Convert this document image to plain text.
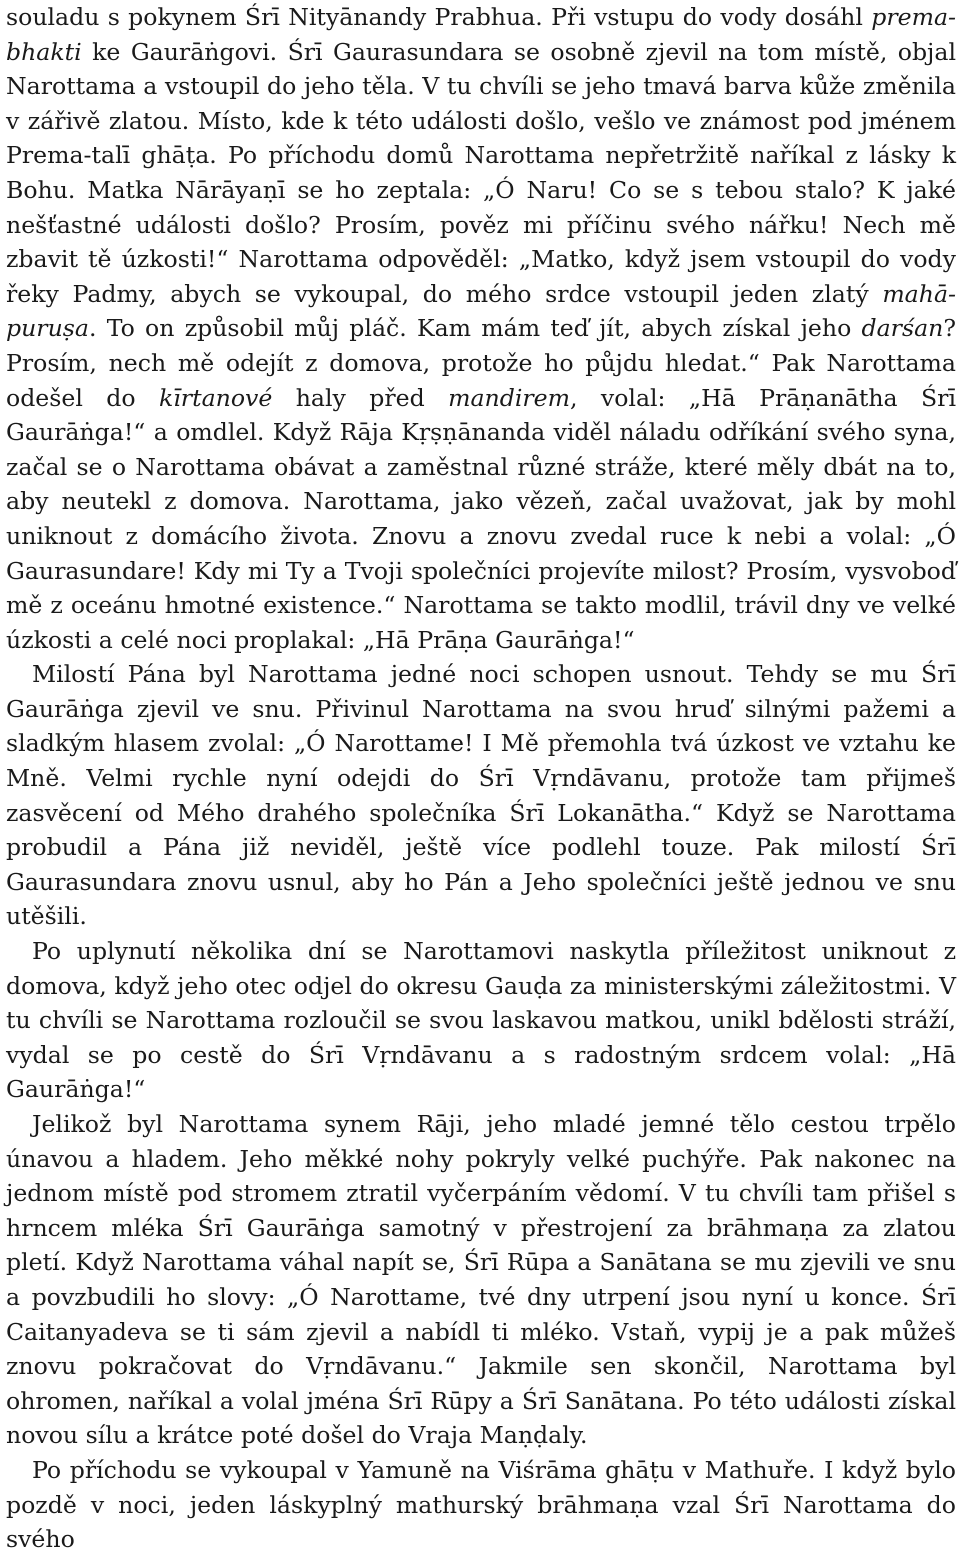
souladu s pokynem Śrī Nityānandy Prabhua. Při vstupu do vody dosáhl prema-bhakti ke Gaurāṅgovi. Śrī Gaurasundara se osobně zjevil na tom místě, objal Narottama a vstoupil do jeho těla. V tu chvíli se jeho tmavá barva kůže změnila v zářivě zlatou. Místo, kde k této události došlo, vešlo ve známost pod jménem Prema-talī ghāṭa. Po příchodu domů Narottama nepřetržitě naříkal z lásky k Bohu. Matka Nārāyaṇī se ho zeptala: „Ó Naru! Co se s tebou stalo? K jaké nešťastné události došlo? Prosím, pověz mi příčinu svého nářku! Nech mě zbavit tě úzkosti!“ Narottama odpověděl: „Matko, když jsem vstoupil do vody řeky Padmy, abych se vykoupal, do mého srdce vstoupil jeden zlatý mahā-puruṣa. To on způsobil můj pláč. Kam mám teď jít, abych získal jeho darśan? Prosím, nech mě odejít z domova, protože ho půjdu hledat.“ Pak Narottama odešel do kīrtanové haly před mandirem, volal: „Hā Prāṇanātha Śrī Gaurāṅga!“ a omdlel. Když Rāja Kṛṣṇānanda viděl náladu odříkání svého syna, začal se o Narottama obávat a zaměstnal různé stráže, které měly dbát na to, aby neutekl z domova. Narottama, jako vězeň, začal uvažovat, jak by mohl uniknout z domácího života. Znovu a znovu zvedal ruce k nebi a volal: „Ó Gaurasundare! Kdy mi Ty a Tvoji společníci projevíte milost? Prosím, vysvoboď mě z oceánu hmotné existence.“ Narottama se takto modlil, trávil dny ve velké úzkosti a celé noci proplakal: „Hā Prāṇa Gaurāṅga!“

Milostí Pána byl Narottama jedné noci schopen usnout. Tehdy se mu Śrī Gaurāṅga zjevil ve snu. Přivinul Narottama na svou hruď silnými pažemi a sladkým hlasem zvolal: „Ó Narottame! I Mě přemohla tvá úzkost ve vztahu ke Mně. Velmi rychle nyní odejdi do Śrī Vṛndāvanu, protože tam přijmeš zasvěcení od Mého drahého společníka Śrī Lokanātha.“ Když se Narottama probudil a Pána již neviděl, ještě více podlehl touze. Pak milostí Śrī Gaurasundara znovu usnul, aby ho Pán a Jeho společníci ještě jednou ve snu utěšili.

Po uplynutí několika dní se Narottamovi naskytla příležitost uniknout z domova, když jeho otec odjel do okresu Gauḍa za ministerskými záležitostmi. V tu chvíli se Narottama rozloučil se svou laskavou matkou, unikl bdělosti stráží, vydal se po cestě do Śrī Vṛndāvanu a s radostným srdcem volal: „Hā Gaurāṅga!“

Jelikož byl Narottama synem Rāji, jeho mladé jemné tělo cestou trpělo únavou a hladem. Jeho měkké nohy pokryly velké puchýře. Pak nakonec na jednom místě pod stromem ztratil vyčerpáním vědomí. V tu chvíli tam přišel s hrncem mléka Śrī Gaurāṅga samotný v přestrojení za brāhmaṇa za zlatou pletí. Když Narottama váhal napít se, Śrī Rūpa a Sanātana se mu zjevili ve snu a povzbudili ho slovy: „Ó Narottame, tvé dny utrpení jsou nyní u konce. Śrī Caitanyadeva se ti sám zjevil a nabídl ti mléko. Vstaň, vypij je a pak můžeš znovu pokračovat do Vṛndāvanu.“ Jakmile sen skončil, Narottama byl ohromen, naříkal a volal jména Śrī Rūpy a Śrī Sanātana. Po této události získal novou sílu a krátce poté došel do Vraja Maṇḍaly.

Po příchodu se vykoupal v Yamuně na Viśrāma ghāṭu v Mathuře. I když bylo pozdě v noci, jeden láskyplný mathurský brāhmaṇa vzal Śrī Narottama do svého
